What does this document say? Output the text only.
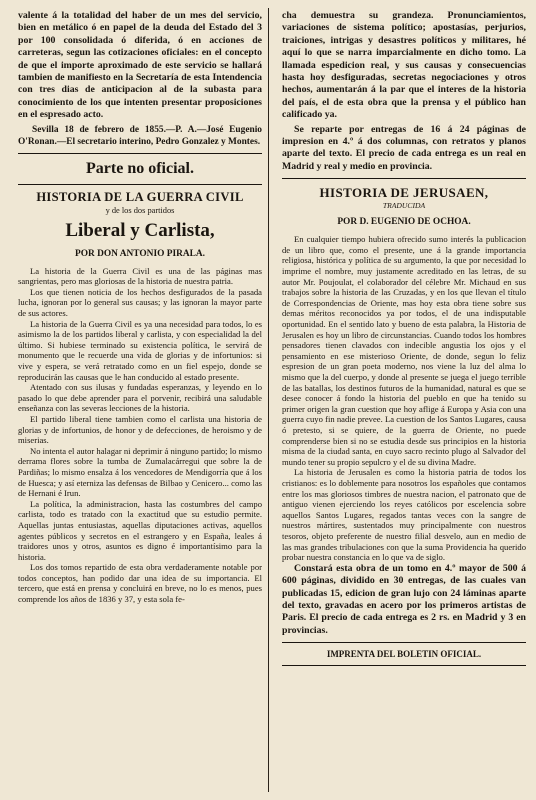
valente á la totalidad del haber de un mes del servicio, bien en metálico ó en papel de la deuda del Estado del 3 por 100 consolidada ó diferida, ó en acciones de carreteras, segun las cotizaciones oficiales: en el concepto de que el importe aproximado de este servicio se hallará tambien de manifiesto en la Secretaría de esta Intendencia con tres dias de anticipacion al de la subasta para conocimiento de los que intenten presentar proposiciones en el espresado acto.

Sevilla 18 de febrero de 1855.—P. A.—José Eugenio O'Ronan.—El secretario interino, Pedro Gonzalez y Montes.

Parte no oficial.

HISTORIA DE LA GUERRA CIVIL

y de los dos partidos

Liberal y Carlista,

POR DON ANTONIO PIRALA.

La historia de la Guerra Civil es una de las páginas mas sangrientas, pero mas gloriosas de la historia de nuestra patria.

Los que tienen noticia de los hechos desfigurados de la pasada lucha, ignoran por lo general sus causas; y las ignoran la mayor parte de sus actores.

La historia de la Guerra Civil es ya una necesidad para todos, lo es asimismo la de los partidos liberal y carlista, y con especialidad la del último. Si hubiese terminado su existencia política, le servirá de monumento que le recuerde una vida de glorias y de infortunios: si vive y espera, se verá retratado como en un fiel espejo, donde se reproducirán las causas que le han conducido al estado presente.

Atentado con sus ilusas y fundadas esperanzas, y leyendo en lo pasado lo que debe aprender para el porvenir, recibirá una saludable enseñanza con las severas lecciones de la historia.

El partido liberal tiene tambien como el carlista una historia de glorias y de infortunios, de honor y de defecciones, de heroismo y de miserias.

No intenta el autor halagar ni deprimir á ninguno partido; lo mismo derrama flores sobre la tumba de Zumalacárregui que sobre la de Pardiñas; lo mismo ensalza á los vencedores de Mendigorría que á los de Huesca; y así eterniza las defensas de Bilbao y Cenicero... como las de Hernani é Irun.

La política, la administracion, hasta las costumbres del campo carlista, todo es tratado con la exactitud que su estudio permite. Aquellas juntas entusiastas, aquellas diputaciones activas, aquellos agentes públicos y secretos en el estrangero y en España, leales á traidores unos y otros, asuntos es digno é importantísimo para la historia.

Los dos tomos repartido de esta obra verdaderamente notable por todos conceptos, han podido dar una idea de su importancia. El tercero, que está en prensa y concluirá en breve, no lo es menos, pues comprende los años de 1836 y 37, y esta sola fe-

cha demuestra su grandeza. Pronunciamientos, variaciones de sistema político; apostasías, perjurios, traiciones, intrigas y desastres políticos y militares, hé aquí lo que se narra imparcialmente en dicho tomo. La llamada espedicion real, y sus causas y consecuencias hasta hoy desfiguradas, secretas negociaciones y otros hechos, aumentarán á la par que el interes de la historia del país, el de esta obra que la prensa y el público han calificado ya.

Se reparte por entregas de 16 á 24 páginas de impresion en 4.º á dos columnas, con retratos y planos aparte del texto. El precio de cada entrega es un real en Madrid y real y medio en provincia.

HISTORIA DE JERUSAEN,

TRADUCIDA

POR D. EUGENIO DE OCHOA.

En cualquier tiempo hubiera ofrecido sumo interés la publicacion de un libro que, como el presente, une á la grande importancia religiosa, histórica y política de su argumento, la que por necesidad lo imprime el nombre, muy justamente acreditado en las letras, de su autor Mr. Poujoulat, el colaborador del célebre Mr. Michaud en sus trabajos sobre la historia de las Cruzadas, y en los que llevan el título de Correspondencias de Oriente, mas hoy esta obra tiene sobre sus demas méritos reconocidos ya por todos, el de una indisputable oportunidad. En el sentido lato y bueno de esta palabra, la Historia de Jerusalen es hoy un libro de circunstancias. Cuando todos los hombres pensadores tienen clavados con indecible angustia los ojos y el pensamiento en ese misterioso Oriente, de donde, segun lo feliz espresion de un gran poeta moderno, nos viene la luz del alma lo mismo que la del cuerpo, y donde al presente se juega el juego terrible de las batallas, los destinos futuros de la humanidad, natural es que se desee conocer á fondo la historia del pueblo en que ha tenido su primer origen la gran cuestion que hoy aflige á Europa y Asia con una guerra cuyo fin nadie prevee. La cuestion de los Santos Lugares, causa ó pretesto, si se quiere, de la guerra de Oriente, no puede comprenderse bien si no se estudia desde sus principios en la historia misma de la ciudad santa, en cuyo sacro recinto plugo al Salvador del mundo tener su propio sepulcro y el de su divina Madre.

La historia de Jerusalen es como la historia patria de todos los cristianos: es lo doblemente para nosotros los españoles que contamos entre los mas gloriosos timbres de nuestra nacion, el patronato que de antiguo vienen ejerciendo los reyes católicos por escelencia sobre aquellos Santos Lugares, regados tantas veces con la sangre de nuestros mártires, sustentados muy principalmente con nuestros tesoros, objeto preferente de nuestro filial desvelo, aun en medio de las mas grandes tribulaciones con que la suma Providencia ha querido probar nuestra constancia en lo que va de siglo.

Constará esta obra de un tomo en 4.º mayor de 500 á 600 páginas, dividido en 30 entregas, de las cuales van publicadas 15, edicion de gran lujo con 24 láminas aparte del texto, gravadas en acero por los primeros artistas de Paris. El precio de cada entrega es 2 rs. en Madrid y 3 en provincias.

IMPRENTA DEL BOLETIN OFICIAL.
